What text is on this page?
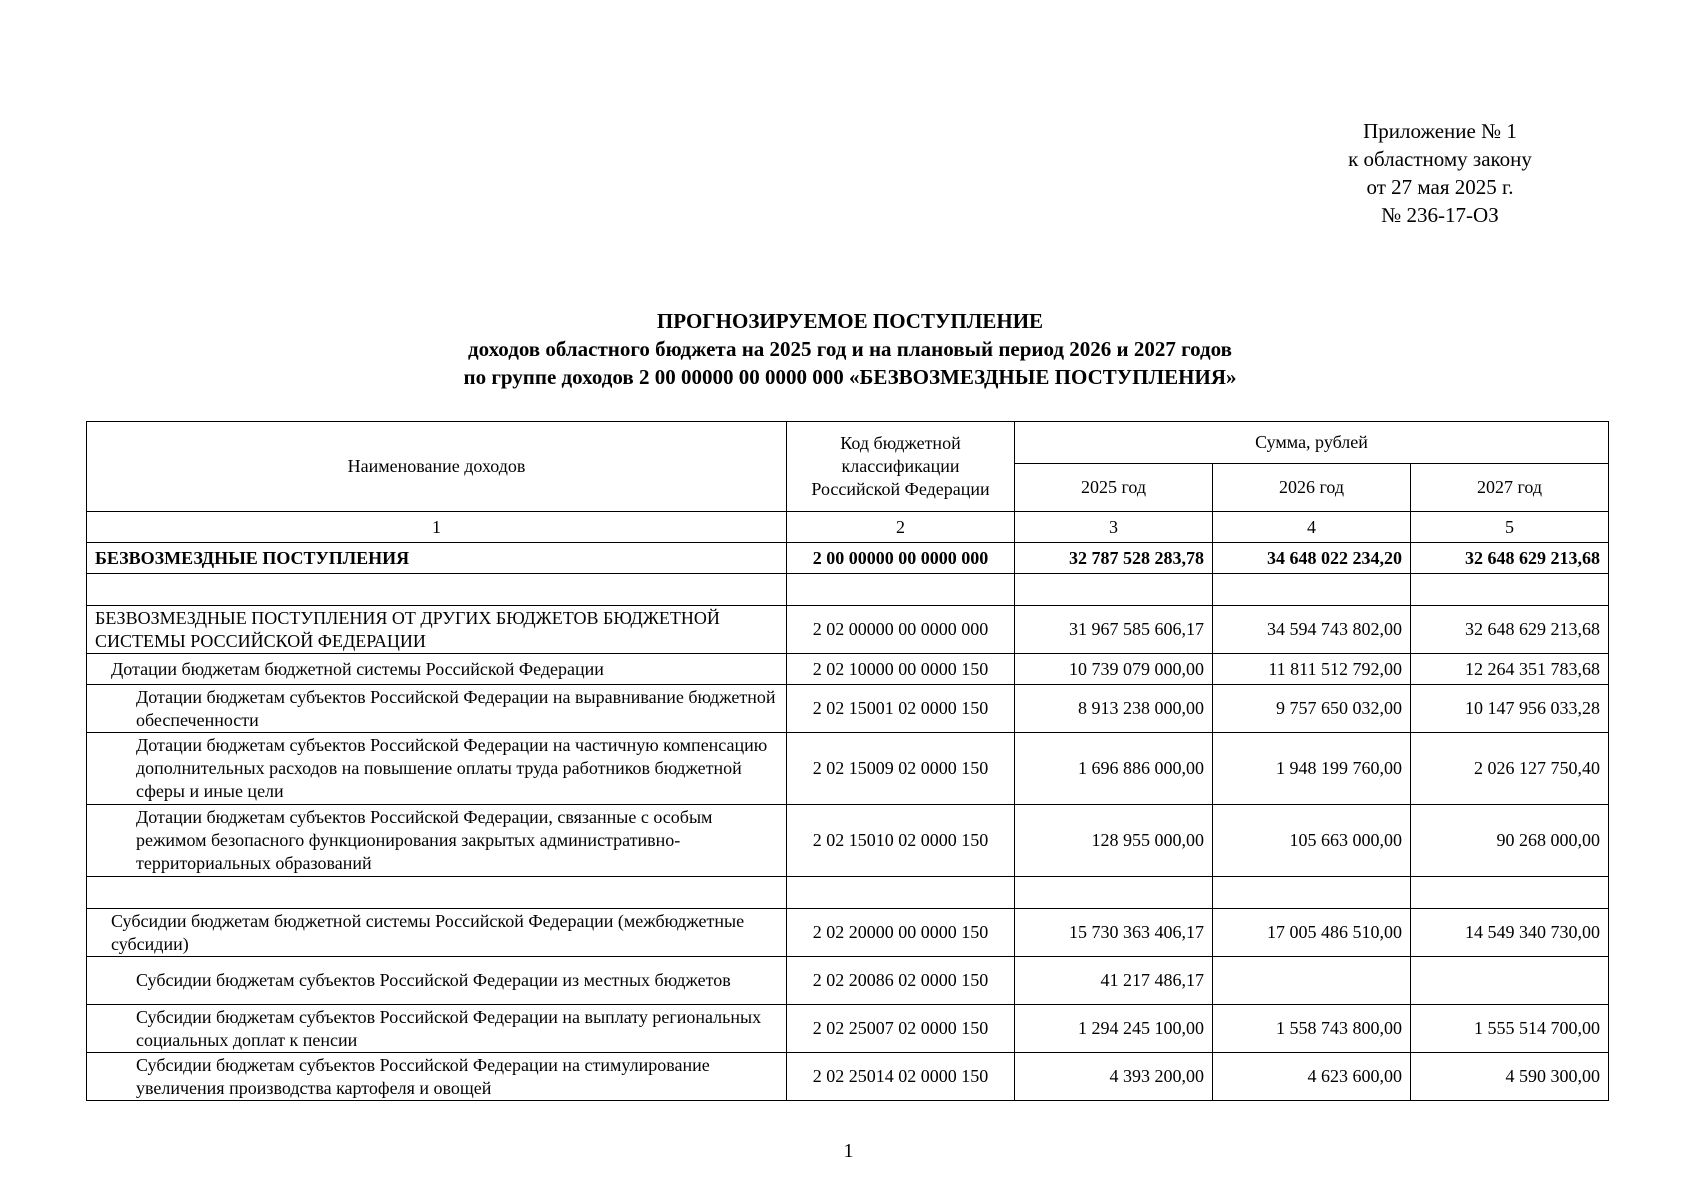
Приложение № 1
к областному закону
от 27 мая 2025 г.
№ 236-17-ОЗ
ПРОГНОЗИРУЕМОЕ ПОСТУПЛЕНИЕ
доходов областного бюджета на 2025 год и на плановый период 2026 и 2027 годов
по группе доходов 2 00 00000 00 0000 000 «БЕЗВОЗМЕЗДНЫЕ ПОСТУПЛЕНИЯ»
Наименование доходов	Код бюджетной классификации Российской Федерации	Сумма, рублей		
		2025 год	2026 год	2027 год
1	2	3	4	5
БЕЗВОЗМЕЗДНЫЕ ПОСТУПЛЕНИЯ	2 00 00000 00 0000 000	32 787 528 283,78	34 648 022 234,20	32 648 629 213,68

БЕЗВОЗМЕЗДНЫЕ ПОСТУПЛЕНИЯ ОТ ДРУГИХ БЮДЖЕТОВ БЮДЖЕТНОЙ СИСТЕМЫ РОССИЙСКОЙ ФЕДЕРАЦИИ	2 02 00000 00 0000 000	31 967 585 606,17	34 594 743 802,00	32 648 629 213,68
Дотации бюджетам бюджетной системы Российской Федерации	2 02 10000 00 0000 150	10 739 079 000,00	11 811 512 792,00	12 264 351 783,68
Дотации бюджетам субъектов Российской Федерации на выравнивание бюджетной обеспеченности	2 02 15001 02 0000 150	8 913 238 000,00	9 757 650 032,00	10 147 956 033,28
Дотации бюджетам субъектов Российской Федерации на частичную компенсацию дополнительных расходов на повышение оплаты труда работников бюджетной сферы и иные цели	2 02 15009 02 0000 150	1 696 886 000,00	1 948 199 760,00	2 026 127 750,40
Дотации бюджетам субъектов Российской Федерации, связанные с особым режимом безопасного функционирования закрытых административно-территориальных образований	2 02 15010 02 0000 150	128 955 000,00	105 663 000,00	90 268 000,00

Субсидии бюджетам бюджетной системы Российской Федерации (межбюджетные субсидии)	2 02 20000 00 0000 150	15 730 363 406,17	17 005 486 510,00	14 549 340 730,00
Субсидии бюджетам субъектов Российской Федерации из местных бюджетов	2 02 20086 02 0000 150	41 217 486,17		
Субсидии бюджетам субъектов Российской Федерации на выплату региональных социальных доплат к пенсии	2 02 25007 02 0000 150	1 294 245 100,00	1 558 743 800,00	1 555 514 700,00
Субсидии бюджетам субъектов Российской Федерации на стимулирование увеличения производства картофеля и овощей	2 02 25014 02 0000 150	4 393 200,00	4 623 600,00	4 590 300,00
1
